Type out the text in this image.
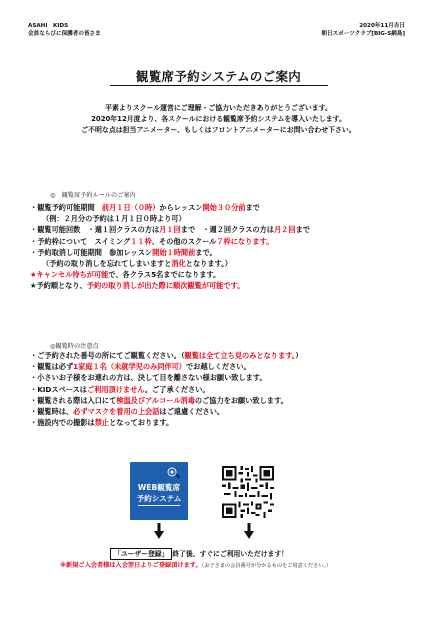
ASAHI　KIDS
会員ならびに保護者の皆さま
2020年11月吉日
朝日スポーツクラブ[BIG-S網島]
観覧席予約システムのご案内
平素よりスクール運営にご理解・ご協力いただきありがとうございます。
2020年12月度より、各スクールにおける観覧席予約システムを導入いたします。
ご不明な点は担当アニメーター、もしくはフロントアニメーターにお問い合わせ下さい。
◎　観覧席予約ルールのご案内
・観覧予約可能期間　前月１日（０時）からレッスン開始３０分前まで
（例：２月分の予約は１月１日０時より可）
・観覧可能回数　・週１回クラスの方は月１回まで　・週２回クラスの方は月２回まで
・予約枠について　スイミング１１枠、その他のスクール７枠になります。
・予約取消し可能期間　参加レッスン開始１時間前まで。
（予約の取り消しを忘れてしまいますと消化となります。）
★キャンセル待ちが可能で、各クラス5名までになります。
★予約順となり、予約の取り消しが出た際に順次観覧が可能です。
◎観覧時の注意点
・ご予約された番号の所にてご観覧ください。（観覧は全て立ち見のみとなります。）
・観覧は必ず1家庭１名（未就学児のみ同伴可）でお越しください。
・小さいお子様をお連れの方は、決して目を離さない様お願い致します。
・KIDスペースはご利用頂けません。ご了承ください。
・観覧される際は入口にて検温及びアルコール消毒のご協力をお願い致します。
・観覧時は、必ずマスクを着用の上会話はご遠慮ください。
・施設内での撮影は禁止となっております。
WEB観覧席
予約システム
「ユーザー登録」 終了後、すぐにご利用いただけます！
※新規ご入会者様は入会翌日よりご登録頂けます。（お子さまの会員番号が分かるものをご用意ください。）
